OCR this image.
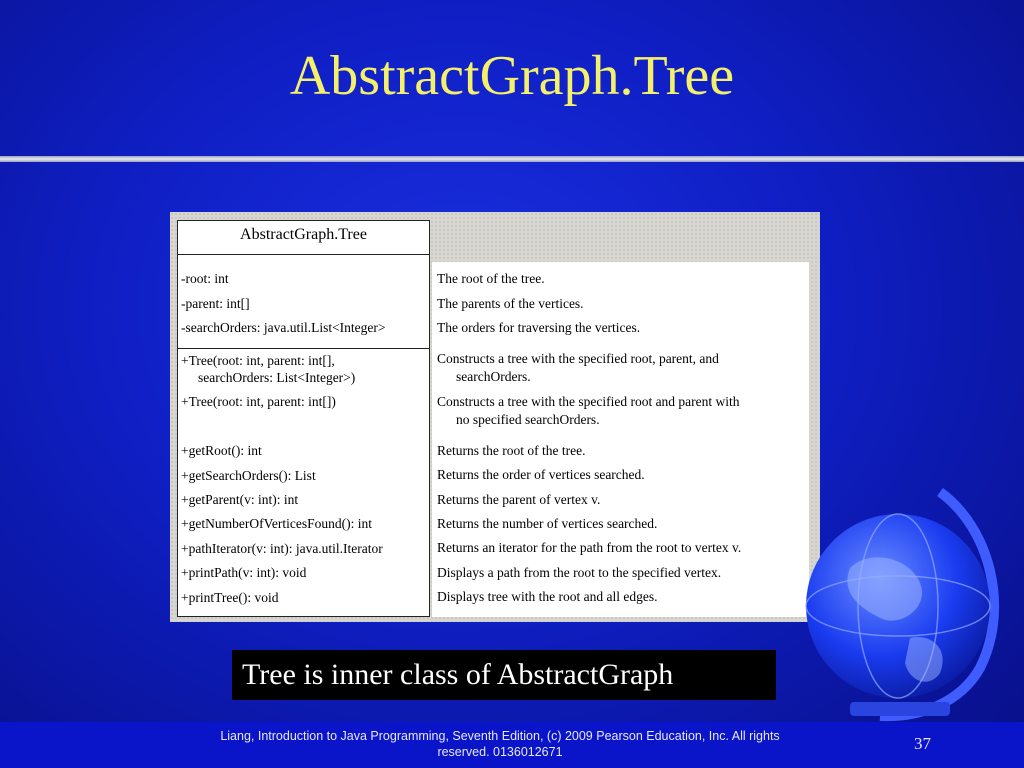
AbstractGraph.Tree
AbstractGraph.Tree
-root: int
-parent: int[]
-searchOrders: java.util.List<Integer>
+Tree(root: int, parent: int[],
searchOrders: List<Integer>)
+Tree(root: int, parent: int[])
+getRoot(): int
+getSearchOrders(): List
+getParent(v: int): int
+getNumberOfVerticesFound(): int
+pathIterator(v: int): java.util.Iterator
+printPath(v: int): void
+printTree(): void
The root of the tree.
The parents of the vertices.
The orders for traversing the vertices.
Constructs a tree with the specified root, parent, and
searchOrders.
Constructs a tree with the specified root and parent with
no specified searchOrders.
Returns the root of the tree.
Returns the order of vertices searched.
Returns the parent of vertex v.
Returns the number of vertices searched.
Returns an iterator for the path from the root to vertex v.
Displays a path from the root to the specified vertex.
Displays tree with the root and all edges.
Tree is inner class of AbstractGraph
Liang, Introduction to Java Programming, Seventh Edition, (c) 2009 Pearson Education, Inc. All rights reserved. 0136012671	37
